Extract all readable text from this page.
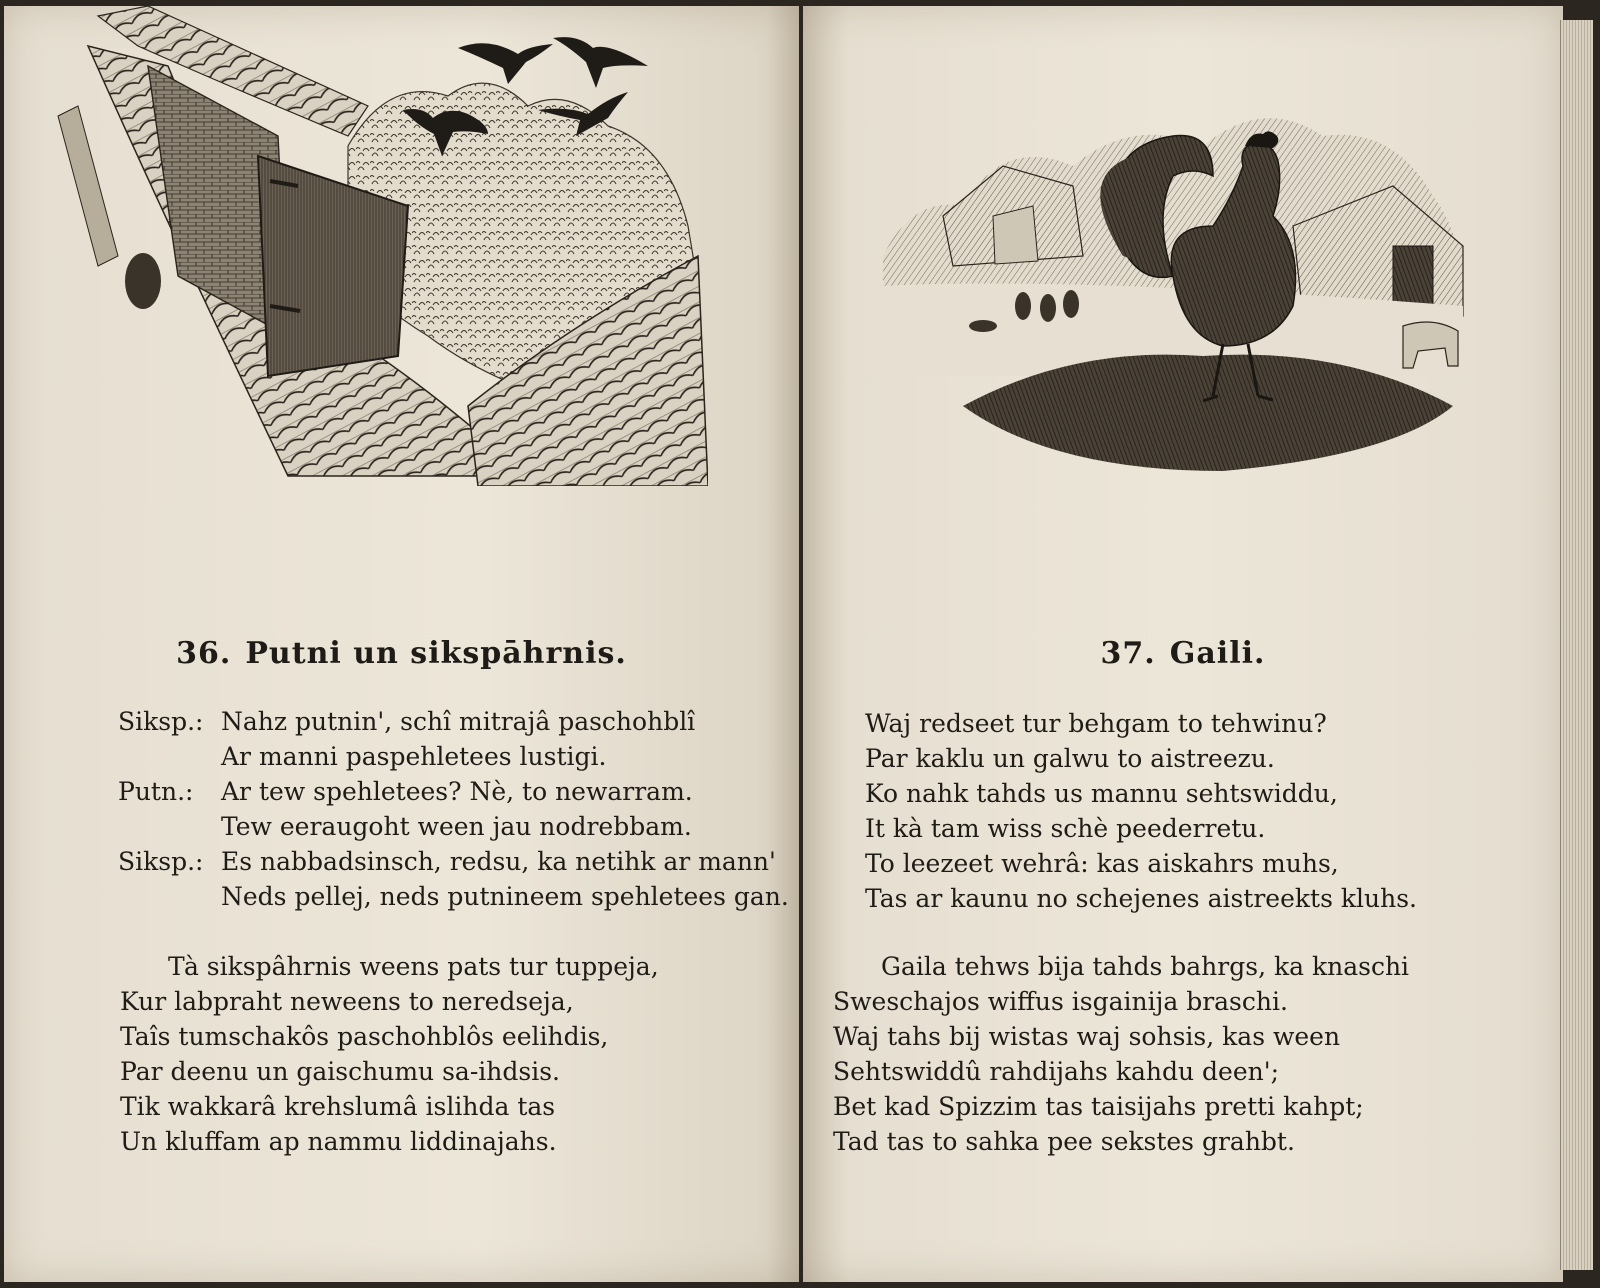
36. Putni un sikspāhrnis.
Siksp.: Nahz putnin', schî mitrajâ paschohblî
Ar manni paspehletees lustigi.
Putn.: Ar tew spehletees? Nè, to newarram.
Tew eeraugoht ween jau nodrebbam.
Siksp.: Es nabbadsinsch, redsu, ka netihk ar mann'
Neds pellej, neds putnineem spehletees gan.
Tà sikspâhrnis weens pats tur tuppeja,
Kur labpraht neweens to neredseja,
Taîs tumschakôs paschohblôs eelihdis,
Par deenu un gaischumu sa-ihdsis.
Tik wakkarâ krehslumâ islihda tas
Un kluffam ap nammu liddinajahs.
37. Gaili.
Waj redseet tur behgam to tehwinu?
Par kaklu un galwu to aistreezu.
Ko nahk tahds us mannu sehtswiddu,
It kà tam wiss schè peederretu.
To leezeet wehrâ: kas aiskahrs muhs,
Tas ar kaunu no schejenes aistreekts kluhs.
Gaila tehws bija tahds bahrgs, ka knaschi
Sweschajos wiffus isgainija braschi.
Waj tahs bij wistas waj sohsis, kas ween
Sehtswiddû rahdijahs kahdu deen';
Bet kad Spizzim tas taisijahs pretti kahpt;
Tad tas to sahka pee sekstes grahbt.
